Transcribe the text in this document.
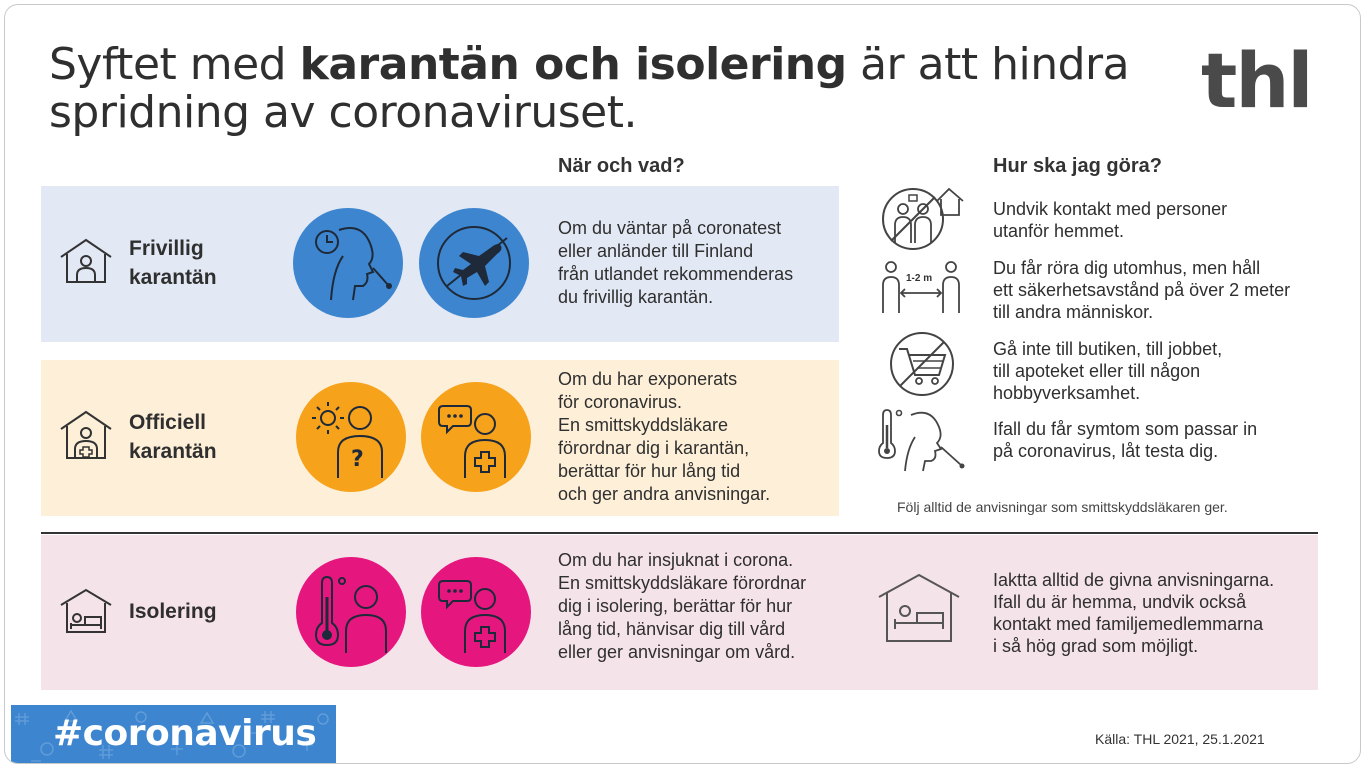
Syftet med karantän och isolering är att hindra
spridning av coronaviruset.	thl
När och vad?	Hur ska jag göra?
Frivillig
karantän
Om du väntar på coronatest
eller anländer till Finland
från utlandet rekommenderas
du frivillig karantän.
Officiell
karantän	?
Om du har exponerats
för coronavirus.
En smittskyddsläkare
förordnar dig i karantän,
berättar för hur lång tid
och ger andra anvisningar.
Isolering
Om du har insjuknat i corona.
En smittskyddsläkare förordnar
dig i isolering, berättar för hur
lång tid, hänvisar dig till vård
eller ger anvisningar om vård.
Undvik kontakt med personer
utanför hemmet.
1-2 m
Du får röra dig utomhus, men håll
ett säkerhetsavstånd på över 2 meter
till andra människor.
Gå inte till butiken, till jobbet,
till apoteket eller till någon
hobbyverksamhet.
Ifall du får symtom som passar in
på coronavirus, låt testa dig.
Följ alltid de anvisningar som smittskyddsläkaren ger.
Iaktta alltid de givna anvisningarna.
Ifall du är hemma, undvik också
kontakt med familjemedlemmarna
i så hög grad som möjligt.
#coronavirus	Källa: THL 2021, 25.1.2021
